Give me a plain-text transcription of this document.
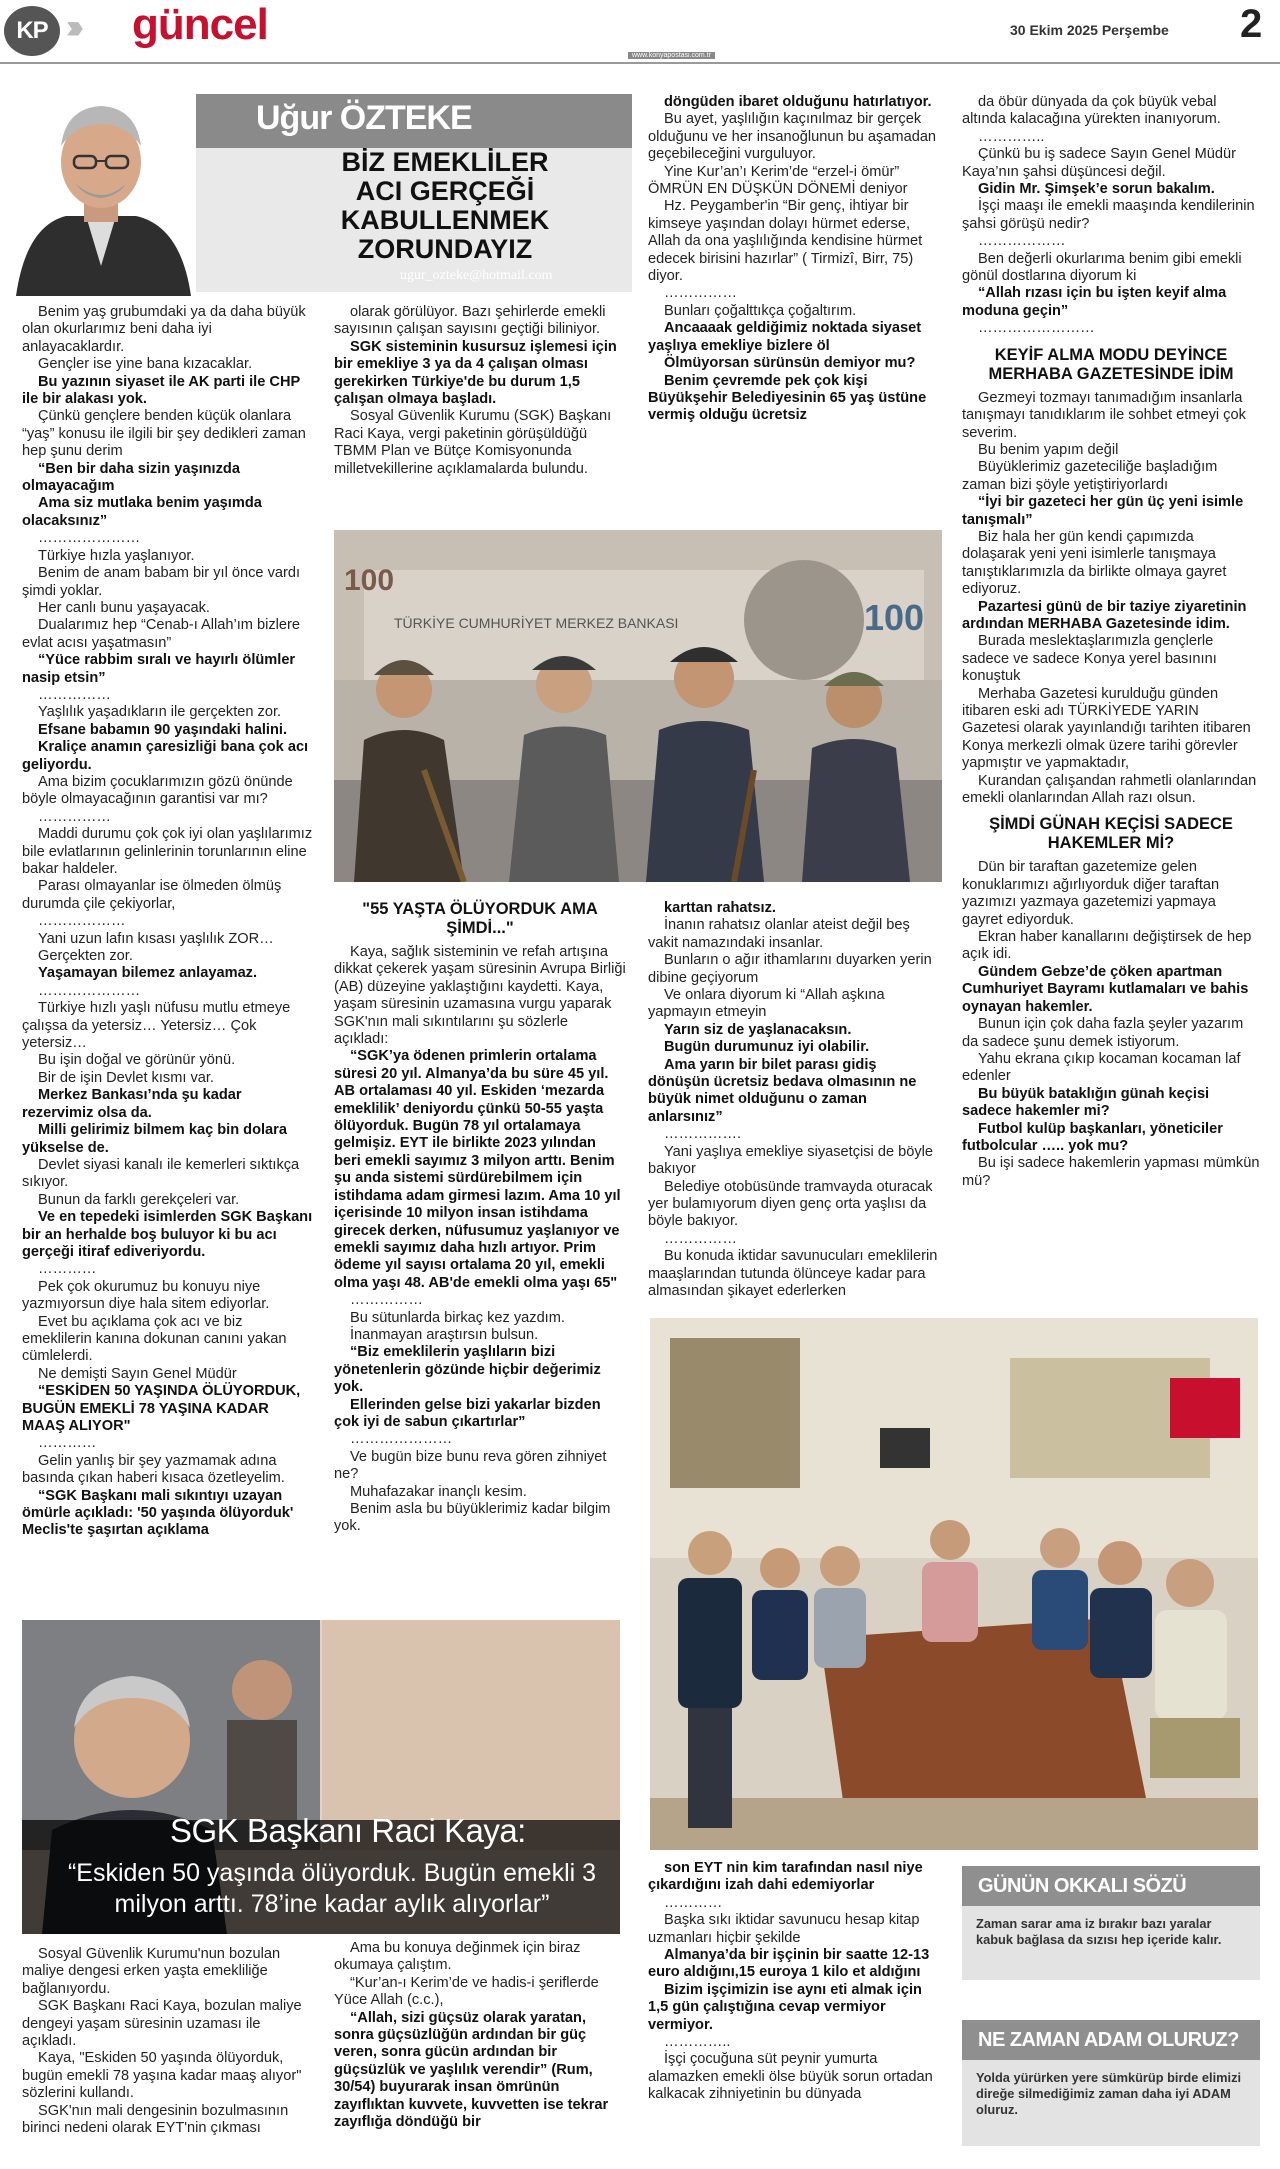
KP ››› güncel	30 Ekim 2025 Perşembe 2
www.konyapostasi.com.tr
Uğur ÖZTEKE
BİZ EMEKLİLER
ACI GERÇEĞİ
KABULLENMEK
ZORUNDAYIZ
ugur_ozteke@hotmail.com

Benim yaş grubumdaki ya da daha büyük olan okurlarımız beni daha iyi anlayacaklardır.

Gençler ise yine bana kızacaklar.

Bu yazının siyaset ile AK parti ile CHP ile bir alakası yok.

Çünkü gençlere benden küçük olanlara “yaş” konusu ile ilgili bir şey dedikleri zaman hep şunu derim

“Ben bir daha sizin yaşınızda olmayacağım

Ama siz mutlaka benim yaşımda olacaksınız”

…………………

Türkiye hızla yaşlanıyor.

Benim de anam babam bir yıl önce vardı şimdi yoklar.

Her canlı bunu yaşayacak.

Dualarımız hep “Cenab-ı Allah’ım bizlere evlat acısı yaşatmasın”

“Yüce rabbim sıralı ve hayırlı ölümler nasip etsin”

……………

Yaşlılık yaşadıkların ile gerçekten zor.

Efsane babamın 90 yaşındaki halini.

Kraliçe anamın çaresizliği bana çok acı geliyordu.

Ama bizim çocuklarımızın gözü önünde böyle olmayacağının garantisi var mı?

……………

Maddi durumu çok çok iyi olan yaşlılarımız bile evlatlarının gelinlerinin torunlarının eline bakar haldeler.

Parası olmayanlar ise ölmeden ölmüş durumda çile çekiyorlar,

………………

Yani uzun lafın kısası yaşlılık ZOR…

Gerçekten zor.

Yaşamayan bilemez anlayamaz.

…………………

Türkiye hızlı yaşlı nüfusu mutlu etmeye çalışsa da yetersiz… Yetersiz… Çok yetersiz…

Bu işin doğal ve görünür yönü.

Bir de işin Devlet kısmı var.

Merkez Bankası’nda şu kadar rezervimiz olsa da.

Milli gelirimiz bilmem kaç bin dolara yükselse de.

Devlet siyasi kanalı ile kemerleri sıktıkça sıkıyor.

Bunun da farklı gerekçeleri var.

Ve en tepedeki isimlerden SGK Başkanı bir an herhalde boş buluyor ki bu acı gerçeği itiraf ediveriyordu.

…………

Pek çok okurumuz bu konuyu niye yazmıyorsun diye hala sitem ediyorlar.

Evet bu açıklama çok acı ve biz emeklilerin kanına dokunan canını yakan cümlelerdi.

Ne demişti Sayın Genel Müdür

“ESKİDEN 50 YAŞINDA ÖLÜYORDUK, BUGÜN EMEKLİ 78 YAŞINA KADAR MAAŞ ALIYOR"

…………

Gelin yanlış bir şey yazmamak adına basında çıkan haberi kısaca özetleyelim.

“SGK Başkanı mali sıkıntıyı uzayan ömürle açıkladı: '50 yaşında ölüyorduk' Meclis'te şaşırtan açıklama

olarak görülüyor. Bazı şehirlerde emekli sayısının çalışan sayısını geçtiği biliniyor.

SGK sisteminin kusursuz işlemesi için bir emekliye 3 ya da 4 çalışan olması gerekirken Türkiye'de bu durum 1,5 çalışan olmaya başladı.

Sosyal Güvenlik Kurumu (SGK) Başkanı Raci Kaya, vergi paketinin görüşüldüğü TBMM Plan ve Bütçe Komisyonunda milletvekillerine açıklamalarda bulundu.

döngüden ibaret olduğunu hatırlatıyor.

Bu ayet, yaşlılığın kaçınılmaz bir gerçek olduğunu ve her insanoğlunun bu aşamadan geçebileceğini vurguluyor.

Yine Kur’an’ı Kerim’de “erzel-i ömür” ÖMRÜN EN DÜŞKÜN DÖNEMİ deniyor

Hz. Peygamber'in “Bir genç, ihtiyar bir kimseye yaşından dolayı hürmet ederse, Allah da ona yaşlılığında kendisine hürmet edecek birisini hazırlar” ( Tirmizî, Birr, 75) diyor.

……………

Bunları çoğalttıkça çoğaltırım.

Ancaaaak geldiğimiz noktada siyaset yaşlıya emekliye bizlere öl

Ölmüyorsan sürünsün demiyor mu?

Benim çevremde pek çok kişi Büyükşehir Belediyesinin 65 yaş üstüne vermiş olduğu ücretsiz

da öbür dünyada da çok büyük vebal altında kalacağına yürekten inanıyorum.

…………..

Çünkü bu iş sadece Sayın Genel Müdür Kaya’nın şahsi düşüncesi değil.

Gidin Mr. Şimşek’e sorun bakalım.

İşçi maaşı ile emekli maaşında kendilerinin şahsi görüşü nedir?

………………

Ben değerli okurlarıma benim gibi emekli gönül dostlarına diyorum ki

“Allah rızası için bu işten keyif alma moduna geçin”

……………………

KEYİF ALMA MODU DEYİNCE MERHABA GAZETESİNDE İDİM

Gezmeyi tozmayı tanımadığım insanlarla tanışmayı tanıdıklarım ile sohbet etmeyi çok severim.

Bu benim yapım değil

Büyüklerimiz gazeteciliğe başladığım zaman bizi şöyle yetiştiriyorlardı

“İyi bir gazeteci her gün üç yeni isimle tanışmalı”

Biz hala her gün kendi çapımızda dolaşarak yeni yeni isimlerle tanışmaya tanıştıklarımızla da birlikte olmaya gayret ediyoruz.

Pazartesi günü de bir taziye ziyaretinin ardından MERHABA Gazetesinde idim.

Burada meslektaşlarımızla gençlerle sadece ve sadece Konya yerel basınını konuştuk

Merhaba Gazetesi kurulduğu günden itibaren eski adı TÜRKİYEDE YARIN Gazetesi olarak yayınlandığı tarihten itibaren Konya merkezli olmak üzere tarihi görevler yapmıştır ve yapmaktadır,

Kurandan çalışandan rahmetli olanlarından emekli olanlarından Allah razı olsun.

ŞİMDİ GÜNAH KEÇİSİ SADECE HAKEMLER Mİ?

Dün bir taraftan gazetemize gelen konuklarımızı ağırlıyorduk diğer taraftan yazımızı yazmaya gazetemizi yapmaya gayret ediyorduk.

Ekran haber kanallarını değiştirsek de hep açık idi.

Gündem Gebze’de çöken apartman Cumhuriyet Bayramı kutlamaları ve bahis oynayan hakemler.

Bunun için çok daha fazla şeyler yazarım da sadece şunu demek istiyorum.

Yahu ekrana çıkıp kocaman kocaman laf edenler

Bu büyük bataklığın günah keçisi sadece hakemler mi?

Futbol kulüp başkanları, yöneticiler futbolcular ….. yok mu?

Bu işi sadece hakemlerin yapması mümkün mü?

TÜRKİYE CUMHURİYET MERKEZ BANKASI	100
100
"55 YAŞTA ÖLÜYORDUK AMA ŞİMDİ..."

Kaya, sağlık sisteminin ve refah artışına dikkat çekerek yaşam süresinin Avrupa Birliği (AB) düzeyine yaklaştığını kaydetti. Kaya, yaşam süresinin uzamasına vurgu yaparak SGK'nın mali sıkıntılarını şu sözlerle açıkladı:

“SGK’ya ödenen primlerin ortalama süresi 20 yıl. Almanya’da bu süre 45 yıl. AB ortalaması 40 yıl. Eskiden ‘mezarda emeklilik’ deniyordu çünkü 50-55 yaşta ölüyorduk. Bugün 78 yıl ortalamaya gelmişiz. EYT ile birlikte 2023 yılından beri emekli sayımız 3 milyon arttı. Benim şu anda sistemi sürdürebilmem için istihdama adam girmesi lazım. Ama 10 yıl içerisinde 10 milyon insan istihdama girecek derken, nüfusumuz yaşlanıyor ve emekli sayımız daha hızlı artıyor. Prim ödeme yıl sayısı ortalama 20 yıl, emekli olma yaşı 48. AB'de emekli olma yaşı 65"

……………

Bu sütunlarda birkaç kez yazdım.

İnanmayan araştırsın bulsun.

“Biz emeklilerin yaşlıların bizi yönetenlerin gözünde hiçbir değerimiz yok.

Ellerinden gelse bizi yakarlar bizden çok iyi de sabun çıkartırlar”

…………………

Ve bugün bize bunu reva gören zihniyet ne?

Muhafazakar inançlı kesim.

Benim asla bu büyüklerimiz kadar bilgim yok.

karttan rahatsız.

İnanın rahatsız olanlar ateist değil beş vakit namazındaki insanlar.

Bunların o ağır ithamlarını duyarken yerin dibine geçiyorum

Ve onlara diyorum ki “Allah aşkına yapmayın etmeyin

Yarın siz de yaşlanacaksın.

Bugün durumunuz iyi olabilir.

Ama yarın bir bilet parası gidiş dönüşün ücretsiz bedava olmasının ne büyük nimet olduğunu o zaman anlarsınız”

…………….

Yani yaşlıya emekliye siyasetçisi de böyle bakıyor

Belediye otobüsünde tramvayda oturacak yer bulamıyorum diyen genç orta yaşlısı da böyle bakıyor.

……………

Bu konuda iktidar savunucuları emeklilerin maaşlarından tutunda ölünceye kadar para almasından şikayet ederlerken

SGK Başkanı Raci Kaya:
“Eskiden 50 yaşında ölüyorduk. Bugün emekli 3 milyon arttı. 78’ine kadar aylık alıyorlar”

Sosyal Güvenlik Kurumu'nun bozulan maliye dengesi erken yaşta emekliliğe bağlanıyordu.

SGK Başkanı Raci Kaya, bozulan maliye dengeyi yaşam süresinin uzaması ile açıkladı.

Kaya, "Eskiden 50 yaşında ölüyorduk, bugün emekli 78 yaşına kadar maaş alıyor" sözlerini kullandı.

SGK'nın mali dengesinin bozulmasının birinci nedeni olarak EYT'nin çıkması

Ama bu konuya değinmek için biraz okumaya çalıştım.

“Kur’an-ı Kerim’de ve hadis-i şeriflerde Yüce Allah (c.c.),

“Allah, sizi güçsüz olarak yaratan, sonra güçsüzlüğün ardından bir güç veren, sonra gücün ardından bir güçsüzlük ve yaşlılık verendir” (Rum, 30/54) buyurarak insan ömrünün zayıflıktan kuvvete, kuvvetten ise tekrar zayıflığa döndüğü bir

son EYT nin kim tarafından nasıl niye çıkardığını izah dahi edemiyorlar

…………

Başka sıkı iktidar savunucu hesap kitap uzmanları hiçbir şekilde

Almanya’da bir işçinin bir saatte 12-13 euro aldığını,15 euroya 1 kilo et aldığını

Bizim işçimizin ise aynı eti almak için 1,5 gün çalıştığına cevap vermiyor vermiyor.

…………..

İşçi çocuğuna süt peynir yumurta alamazken emekli ölse büyük sorun ortadan kalkacak zihniyetinin bu dünyada

GÜNÜN OKKALI SÖZÜ
Zaman sarar ama iz bırakır bazı yaralar kabuk bağlasa da sızısı hep içeride kalır.
NE ZAMAN ADAM OLURUZ?
Yolda yürürken yere sümkürüp birde elimizi direğe silmediğimiz zaman daha iyi ADAM oluruz.
